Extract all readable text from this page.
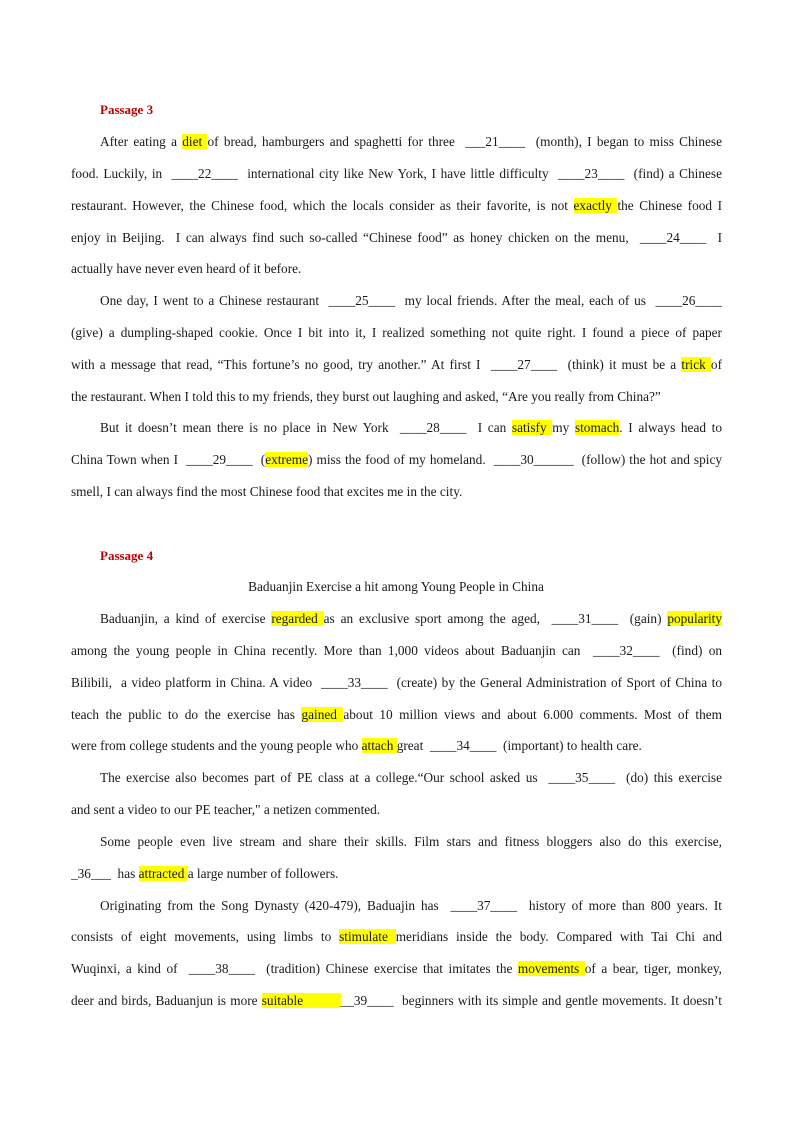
Passage 3

After eating a diet of bread, hamburgers and spaghetti for three  ___21____  (month), I began to miss Chinese

food. Luckily, in  ____22____  international city like New York, I have little difficulty  ____23____  (find) a Chinese

restaurant. However, the Chinese food, which the locals consider as their favorite, is not exactly the Chinese food I

enjoy in Beijing.  I can always find such so-called “Chinese food” as honey chicken on the menu,  ____24____  I

actually have never even heard of it before.

One day, I went to a Chinese restaurant  ____25____  my local friends. After the meal, each of us  ____26____

(give) a dumpling-shaped cookie. Once I bit into it, I realized something not quite right. I found a piece of paper

with a message that read, “This fortune’s no good, try another.” At first I  ____27____  (think) it must be a trick of

the restaurant. When I told this to my friends, they burst out laughing and asked, “Are you really from China?”

But it doesn’t mean there is no place in New York  ____28____  I can satisfy my stomach. I always head to

China Town when I  ____29____  (extreme) miss the food of my homeland.  ____30______  (follow) the hot and spicy

smell, I can always find the most Chinese food that excites me in the city.

Passage 4
Baduanjin Exercise a hit among Young People in China

Baduanjin, a kind of exercise regarded as an exclusive sport among the aged,  ____31____  (gain) popularity

among the young people in China recently. More than 1,000 videos about Baduanjin can  ____32____  (find) on

Bilibili,  a video platform in China. A video  ____33____  (create) by the General Administration of Sport of China to

teach the public to do the exercise has gained about 10 million views and about 6.000 comments. Most of them

were from college students and the young people who attach great  ____34____  (important) to health care.

The exercise also becomes part of PE class at a college.“Our school asked us  ____35____  (do) this exercise

and sent a video to our PE teacher," a netizen commented.

Some people even live stream and share their skills. Film stars and fitness bloggers also do this exercise,

_36___  has attracted a large number of followers.

Originating from the Song Dynasty (420-479), Baduajin has  ____37____  history of more than 800 years. It

consists of eight movements, using limbs to stimulate meridians inside the body. Compared with Tai Chi and

Wuqinxi, a kind of  ____38____  (tradition) Chinese exercise that imitates the movements of a bear, tiger, monkey,

deer and birds, Baduanjun is more suitable         __39____  beginners with its simple and gentle movements. It doesn’t
